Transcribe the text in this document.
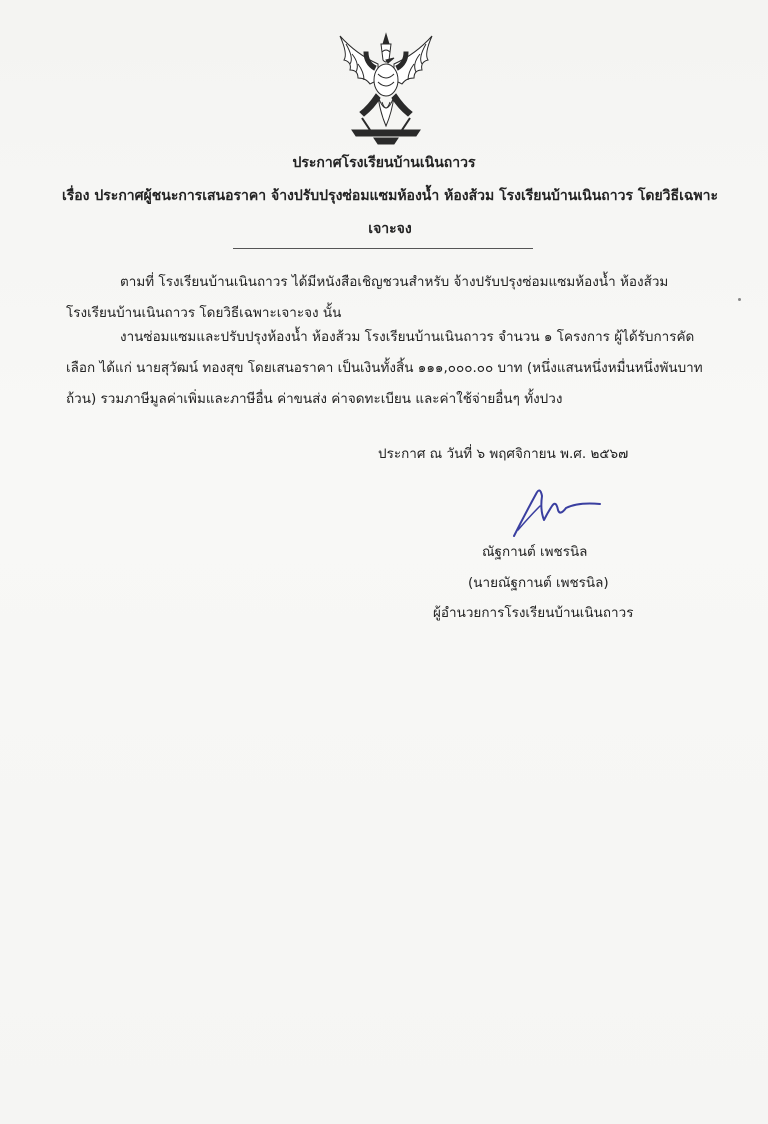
ประกาศโรงเรียนบ้านเนินถาวร
เรื่อง ประกาศผู้ชนะการเสนอราคา จ้างปรับปรุงซ่อมแซมห้องน้ำ ห้องส้วม โรงเรียนบ้านเนินถาวร โดยวิธีเฉพาะ
เจาะจง
ตามที่ โรงเรียนบ้านเนินถาวร ได้มีหนังสือเชิญชวนสำหรับ จ้างปรับปรุงซ่อมแซมห้องน้ำ ห้องส้วม
โรงเรียนบ้านเนินถาวร โดยวิธีเฉพาะเจาะจง นั้น
งานซ่อมแซมและปรับปรุงห้องน้ำ ห้องส้วม โรงเรียนบ้านเนินถาวร จำนวน ๑ โครงการ ผู้ได้รับการคัด
เลือก ได้แก่ นายสุวัฒน์ ทองสุข โดยเสนอราคา เป็นเงินทั้งสิ้น ๑๑๑,๐๐๐.๐๐ บาท (หนึ่งแสนหนึ่งหมื่นหนึ่งพันบาท
ถ้วน) รวมภาษีมูลค่าเพิ่มและภาษีอื่น ค่าขนส่ง ค่าจดทะเบียน และค่าใช้จ่ายอื่นๆ ทั้งปวง
ประกาศ ณ วันที่ ๖ พฤศจิกายน พ.ศ. ๒๕๖๗
ณัฐกานต์ เพชรนิล
(นายณัฐกานต์ เพชรนิล)
ผู้อำนวยการโรงเรียนบ้านเนินถาวร
